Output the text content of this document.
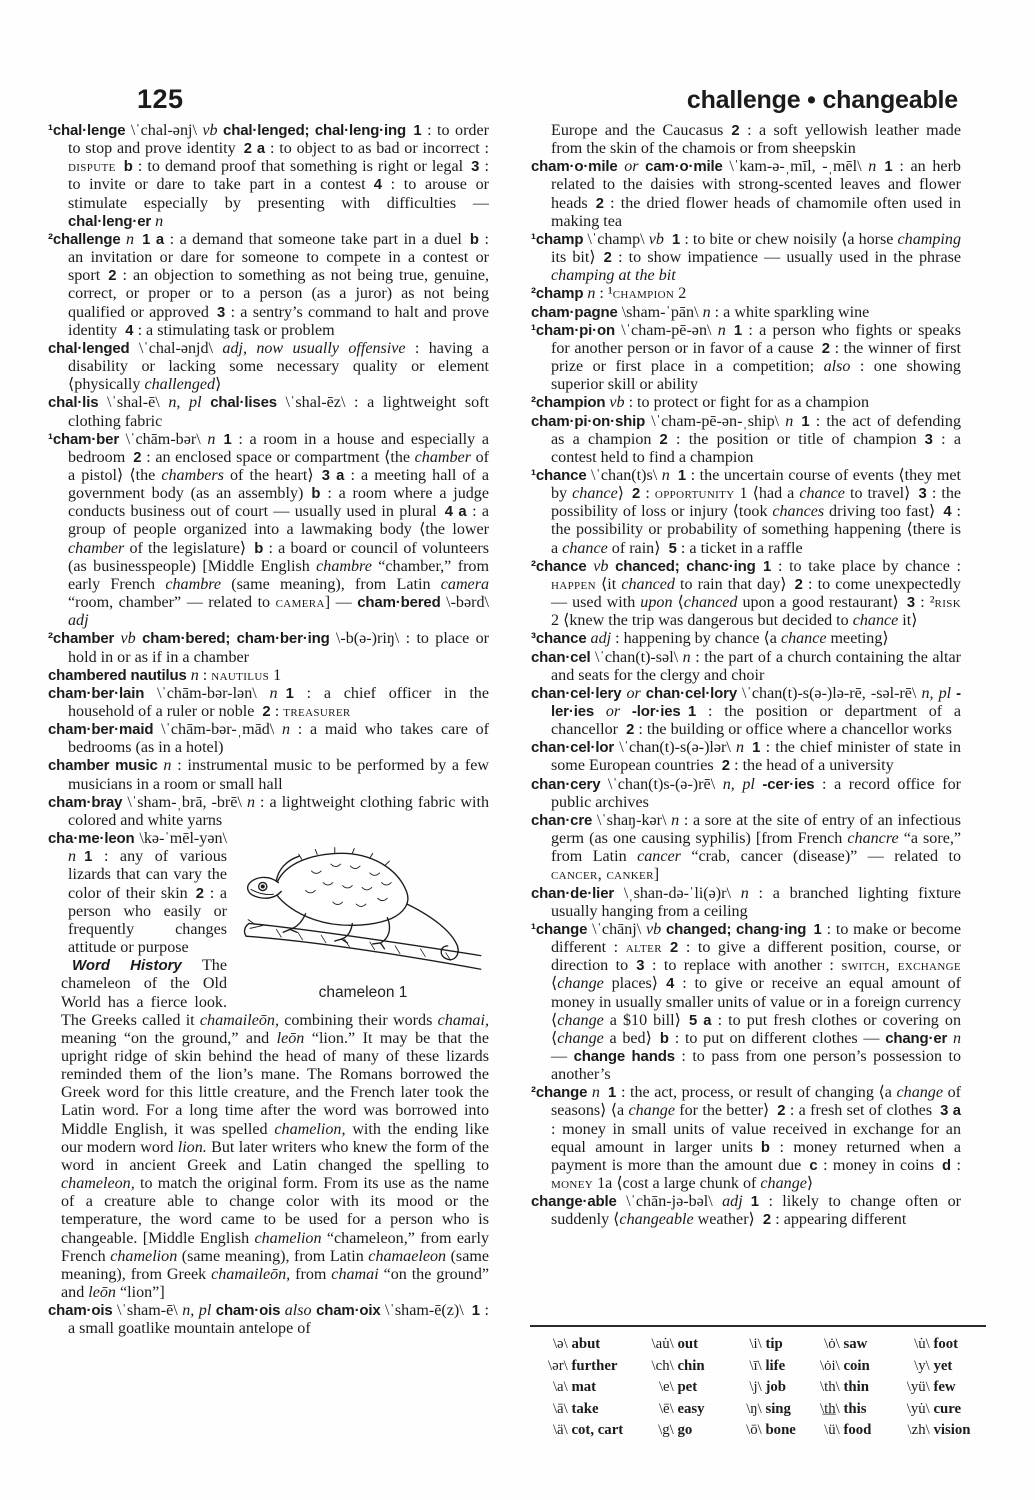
125	challenge • changeable

¹chal·lenge \ˈchal-ənj\ vb chal·lenged; chal·leng·ing 1 : to order to stop and prove identity 2 a : to object to as bad or incorrect : dispute  b : to demand proof that something is right or legal 3 : to invite or dare to take part in a contest 4 : to arouse or stimulate especially by presenting with difficulties — chal·leng·er n

²challenge n  1 a : a demand that someone take part in a duel b : an invitation or dare for someone to compete in a contest or sport 2 : an objection to something as not being true, genuine, correct, or proper or to a person (as a juror) as not being qualified or approved 3 : a sentry’s command to halt and prove identity 4 : a stimulating task or problem

chal·lenged \ˈchal-ənjd\ adj, now usually offensive : having a disability or lacking some necessary quality or element ⟨physically challenged⟩

chal·lis \ˈshal-ē\ n, pl chal·lises \ˈshal-ēz\ : a lightweight soft clothing fabric

¹cham·ber \ˈchām-bər\ n  1 : a room in a house and especially a bedroom 2 : an enclosed space or compartment ⟨the chamber of a pistol⟩ ⟨the chambers of the heart⟩ 3 a : a meeting hall of a government body (as an assembly) b : a room where a judge conducts business out of court — usually used in plural 4 a : a group of people organized into a lawmaking body ⟨the lower chamber of the legislature⟩ b : a board or council of volunteers (as businesspeople) [Middle English chambre “chamber,” from early French chambre (same meaning), from Latin camera “room, chamber” — related to camera] — cham·bered \-bərd\ adj

²chamber vb cham·bered; cham·ber·ing \-b(ə-)riŋ\ : to place or hold in or as if in a chamber

chambered nautilus n : nautilus 1

cham·ber·lain \ˈchām-bər-lən\ n  1 : a chief officer in the household of a ruler or noble 2 : treasurer

cham·ber·maid \ˈchām-bər-ˌmād\ n : a maid who takes care of bedrooms (as in a hotel)

chamber music n : instrumental music to be performed by a few musicians in a room or small hall

cham·bray \ˈsham-ˌbrā, -brē\ n : a lightweight clothing fabric with colored and white yarns

chameleon 1

cha·me·leon \kə-ˈmēl-yən\ n  1 : any of various lizards that can vary the color of their skin 2 : a person who easily or frequently changes attitude or purpose

Word History The chameleon of the Old World has a fierce look. The Greeks called it chamaileōn, combining their words chamai, meaning “on the ground,” and leōn “lion.” It may be that the upright ridge of skin behind the head of many of these lizards reminded them of the lion’s mane. The Romans borrowed the Greek word for this little creature, and the French later took the Latin word. For a long time after the word was borrowed into Middle English, it was spelled chamelion, with the ending like our modern word lion. But later writers who knew the form of the word in ancient Greek and Latin changed the spelling to chameleon, to match the original form. From its use as the name of a creature able to change color with its mood or the temperature, the word came to be used for a person who is changeable. [Middle English chamelion “chameleon,” from early French chamelion (same meaning), from Latin chamaeleon (same meaning), from Greek chamaileōn, from chamai “on the ground” and leōn “lion”]

cham·ois \ˈsham-ē\ n, pl cham·ois also cham·oix \ˈsham-ē(z)\ 1 : a small goatlike mountain antelope of

Europe and the Caucasus 2 : a soft yellowish leather made from the skin of the chamois or from sheepskin

cham·o·mile or cam·o·mile \ˈkam-ə-ˌmīl, -ˌmēl\ n  1 : an herb related to the daisies with strong-scented leaves and flower heads 2 : the dried flower heads of chamomile often used in making tea

¹champ \ˈchamp\ vb  1 : to bite or chew noisily ⟨a horse champing its bit⟩ 2 : to show impatience — usually used in the phrase champing at the bit

²champ n : ¹champion 2

cham·pagne \sham-ˈpān\ n : a white sparkling wine

¹cham·pi·on \ˈcham-pē-ən\ n  1 : a person who fights or speaks for another person or in favor of a cause 2 : the winner of first prize or first place in a competition; also : one showing superior skill or ability

²champion vb : to protect or fight for as a champion

cham·pi·on·ship \ˈcham-pē-ən-ˌship\ n  1 : the act of defending as a champion 2 : the position or title of champion 3 : a contest held to find a champion

¹chance \ˈchan(t)s\ n  1 : the uncertain course of events ⟨they met by chance⟩ 2 : opportunity 1 ⟨had a chance to travel⟩ 3 : the possibility of loss or injury ⟨took chances driving too fast⟩ 4 : the possibility or probability of something happening ⟨there is a chance of rain⟩ 5 : a ticket in a raffle

²chance vb chanced; chanc·ing 1 : to take place by chance : happen ⟨it chanced to rain that day⟩ 2 : to come unexpectedly — used with upon ⟨chanced upon a good restaurant⟩ 3 : ²risk 2 ⟨knew the trip was dangerous but decided to chance it⟩

³chance adj : happening by chance ⟨a chance meeting⟩

chan·cel \ˈchan(t)-səl\ n : the part of a church containing the altar and seats for the clergy and choir

chan·cel·lery or chan·cel·lory \ˈchan(t)-s(ə-)lə-rē, -səl-rē\ n, pl -ler·ies or -lor·ies 1 : the position or department of a chancellor 2 : the building or office where a chancellor works

chan·cel·lor \ˈchan(t)-s(ə-)lər\ n  1 : the chief minister of state in some European countries 2 : the head of a university

chan·cery \ˈchan(t)s-(ə-)rē\ n, pl -cer·ies : a record office for public archives

chan·cre \ˈshaŋ-kər\ n : a sore at the site of entry of an infectious germ (as one causing syphilis) [from French chancre “a sore,” from Latin cancer “crab, cancer (disease)” — related to cancer, canker]

chan·de·lier \ˌshan-də-ˈli(ə)r\ n : a branched lighting fixture usually hanging from a ceiling

¹change \ˈchānj\ vb changed; chang·ing 1 : to make or become different : alter  2 : to give a different position, course, or direction to 3 : to replace with another : switch, exchange ⟨change places⟩ 4 : to give or receive an equal amount of money in usually smaller units of value or in a foreign currency ⟨change a $10 bill⟩ 5 a : to put fresh clothes or covering on ⟨change a bed⟩ b : to put on different clothes — chang·er n — change hands : to pass from one person’s possession to another’s

²change n  1 : the act, process, or result of changing ⟨a change of seasons⟩ ⟨a change for the better⟩ 2 : a fresh set of clothes 3 a : money in small units of value received in exchange for an equal amount in larger units b : money returned when a payment is more than the amount due c : money in coins d : money 1a ⟨cost a large chunk of change⟩

change·able \ˈchān-jə-bəl\ adj  1 : likely to change often or suddenly ⟨changeable weather⟩ 2 : appearing different

\ə\ abut	\au̇\ out	\i\ tip	\ȯ\ saw	\u̇\ foot
\ər\ further	\ch\ chin	\ī\ life	\ȯi\ coin	\y\ yet
\a\ mat	\e\ pet	\j\ job	\th\ thin	\yü\ few
\ā\ take	\ē\ easy	\ŋ\ sing	\t̲h̲\ this	\yu̇\ cure
\ä\ cot, cart	\g\ go	\ō\ bone	\ü\ food	\zh\ vision
